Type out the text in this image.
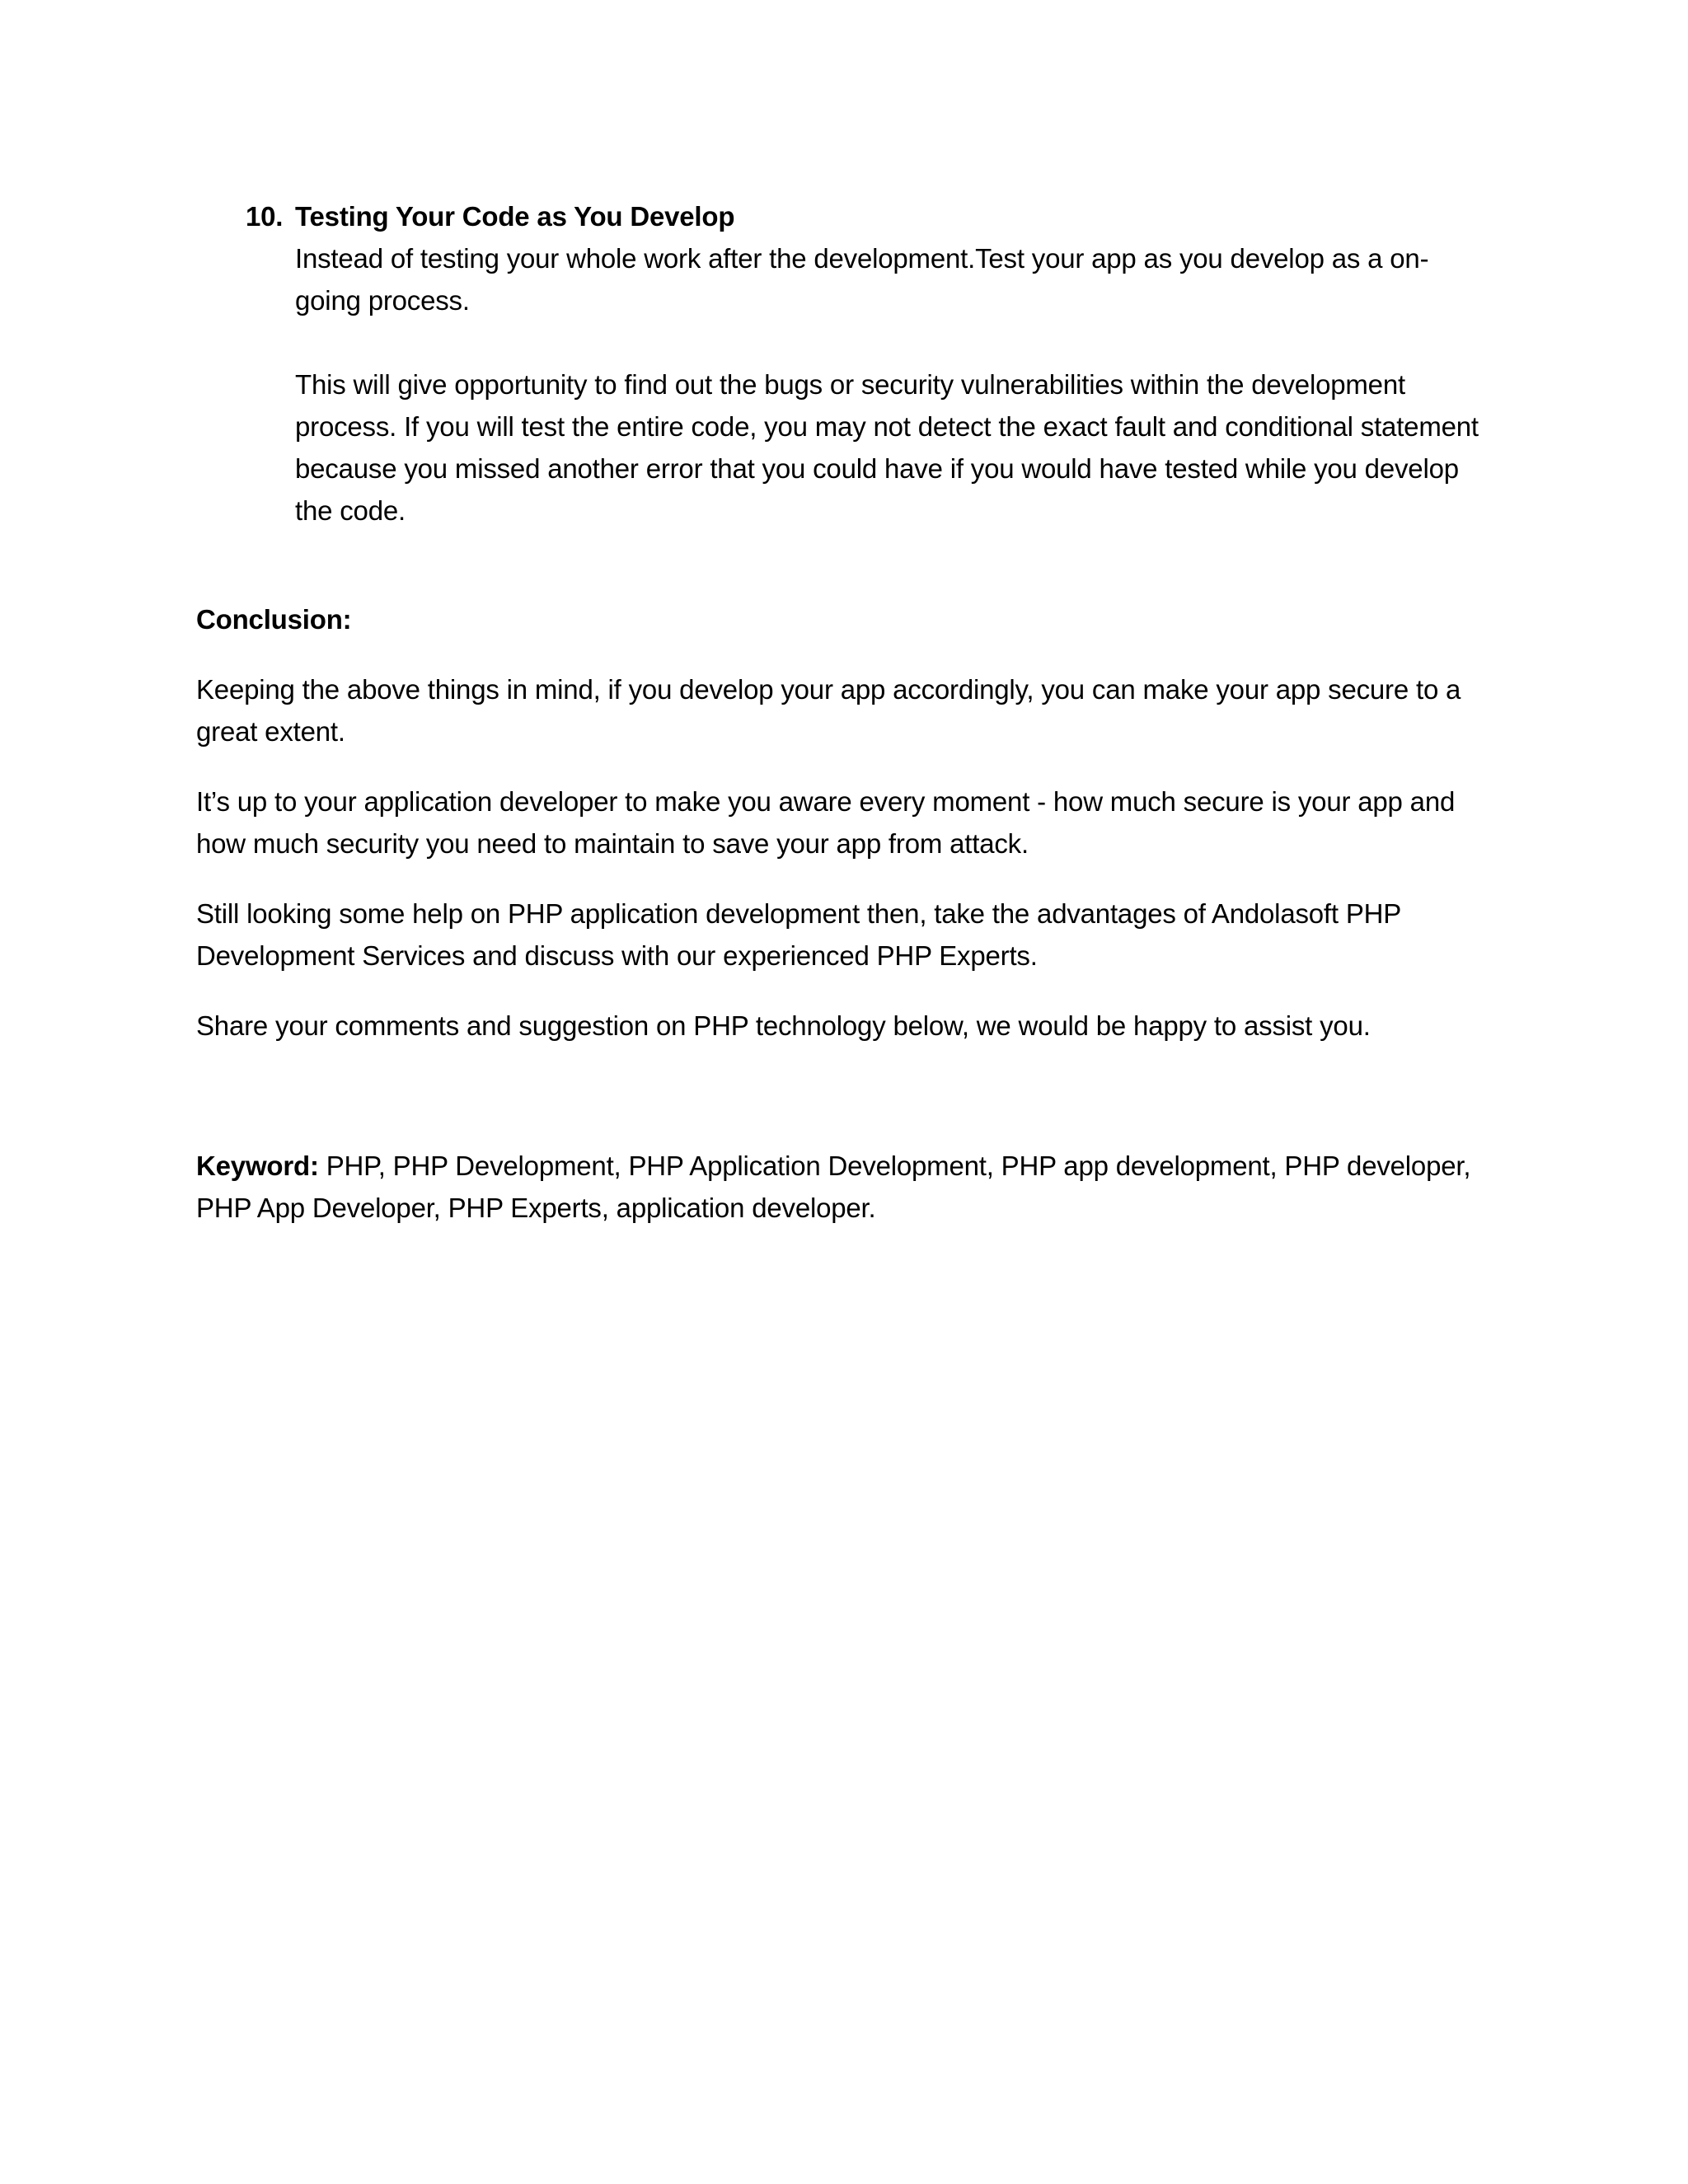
10. Testing Your Code as You Develop

Instead of testing your whole work after the development.Test your app as you develop as a on-going process.

This will give opportunity to find out the bugs or security vulnerabilities within the development process. If you will test the entire code, you may not detect the exact fault and conditional statement because you missed another error that you could have if you would have tested while you develop the code.

Conclusion:

Keeping the above things in mind, if you develop your app accordingly, you can make your app secure to a great extent.

It’s up to your application developer to make you aware every moment - how much secure is your app and how much security you need to maintain to save your app from attack.

Still looking some help on PHP application development then, take the advantages of Andolasoft PHP Development Services and discuss with our experienced PHP Experts.

Share your comments and suggestion on PHP technology below, we would be happy to assist you.

Keyword: PHP, PHP Development, PHP Application Development, PHP app development, PHP developer, PHP App Developer, PHP Experts, application developer.
